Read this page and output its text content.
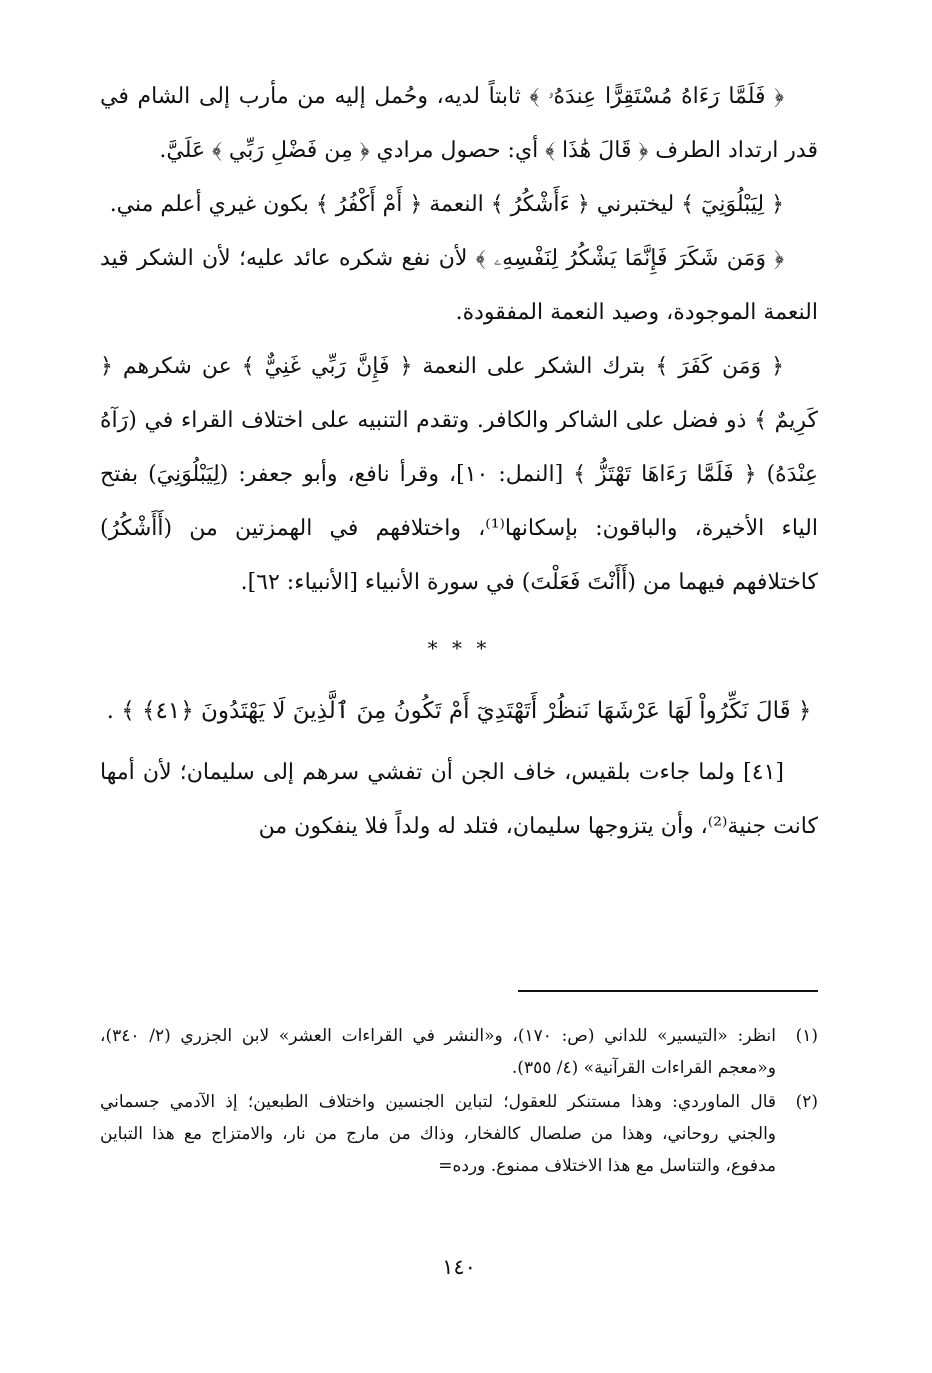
﴿ فَلَمَّا رَءَاهُ مُسْتَقِرًّا عِندَهُۥ ﴾ ثابتاً لديه، وحُمل إليه من مأرب إلى الشام في قدر ارتداد الطرف ﴿ قَالَ هَٰذَا ﴾ أي: حصول مرادي ﴿ مِن فَضْلِ رَبِّي ﴾ عَلَيَّ.

﴿ لِيَبْلُوَنِيٓ ﴾ ليختبرني ﴿ ءَأَشْكُرُ ﴾ النعمة ﴿ أَمْ أَكْفُرُ ﴾ بكون غيري أعلم مني.

﴿ وَمَن شَكَرَ فَإِنَّمَا يَشْكُرُ لِنَفْسِهِۦ ﴾ لأن نفع شكره عائد عليه؛ لأن الشكر قيد النعمة الموجودة، وصيد النعمة المفقودة.

﴿ وَمَن كَفَرَ ﴾ بترك الشكر على النعمة ﴿ فَإِنَّ رَبِّي غَنِيٌّ ﴾ عن شكرهم ﴿ كَرِيمٌ ﴾ ذو فضل على الشاكر والكافر. وتقدم التنبيه على اختلاف القراء في (رَآهُ عِنْدَهُ) ﴿ فَلَمَّا رَءَاهَا تَهْتَزُّ ﴾ [النمل: ١٠]، وقرأ نافع، وأبو جعفر: (لِيَبْلُوَنِيَ) بفتح الياء الأخيرة، والباقون: بإسكانها⁽¹⁾، واختلافهم في الهمزتين من (أَأَشْكُرُ) كاختلافهم فيهما من (أَأَنْتَ فَعَلْتَ) في سورة الأنبياء [الأنبياء: ٦٢].

* * *
﴿ قَالَ نَكِّرُواْ لَهَا عَرْشَهَا نَنظُرْ أَتَهْتَدِيٓ أَمْ تَكُونُ مِنَ ٱلَّذِينَ لَا يَهْتَدُونَ ﴿٤١﴾ ﴾ .

[٤١] ولما جاءت بلقيس، خاف الجن أن تفشي سرهم إلى سليمان؛ لأن أمها كانت جنية⁽²⁾، وأن يتزوجها سليمان، فتلد له ولداً فلا ينفكون من

(١)
انظر: «التيسير» للداني (ص: ١٧٠)، و«النشر في القراءات العشر» لابن الجزري (٢/ ٣٤٠)، و«معجم القراءات القرآنية» (٤/ ٣٥٥).
(٢)
قال الماوردي: وهذا مستنكر للعقول؛ لتباين الجنسين واختلاف الطبعين؛ إذ الآدمي جسماني والجني روحاني، وهذا من صلصال كالفخار، وذاك من مارج من نار، والامتزاج مع هذا التباين مدفوع، والتناسل مع هذا الاختلاف ممنوع. ورده=
١٤٠
